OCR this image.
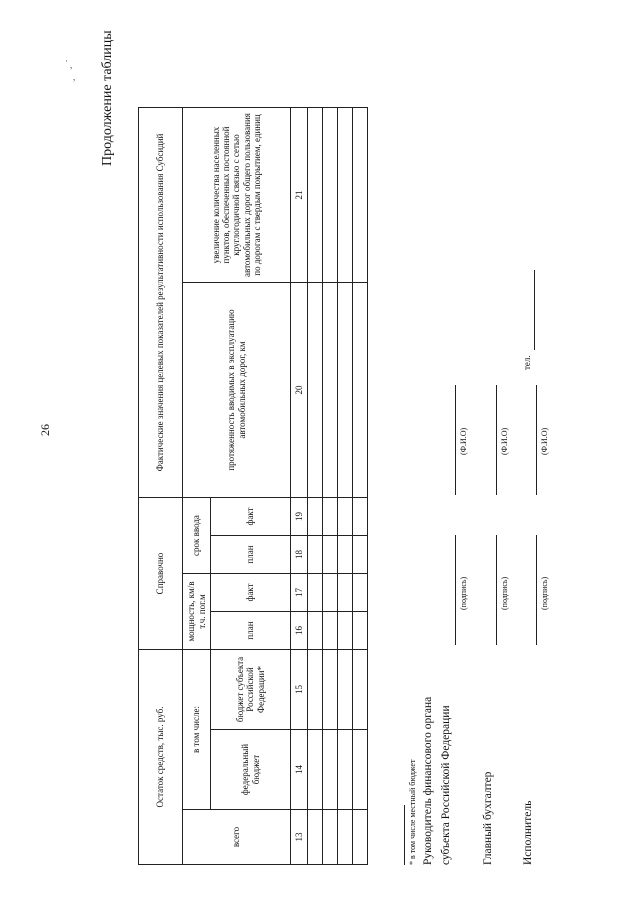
26
Продолжение таблицы
,
,
·
Остаток средств, тыс. руб.			Справочно				Фактические значения целевых показателей результативности использования Субсидий	
всего	в том числе:		мощность, км/в т.ч. пог.м		срок ввода		протяженность вводимых в эксплуатацию автомобильных дорог, км	увеличение количества населенных пунктов, обеспеченных постоянной круглогодичной связью с сетью автомобильных дорог общего пользования по дорогам с твердым покрытием, единиц
	федеральный бюджет	бюджет субъекта Российской Федерации*	план	факт	план	факт		
13	14	15	16	17	18	19	20	21

* в том числе местный бюджет Руководитель финансового органа субъекта Российской Федерации
(подпись)
(Ф.И.О)
Главный бухгалтер
(подпись)
(Ф.И.О)
Исполнитель
(подпись)
(Ф.И.О)
тел.
